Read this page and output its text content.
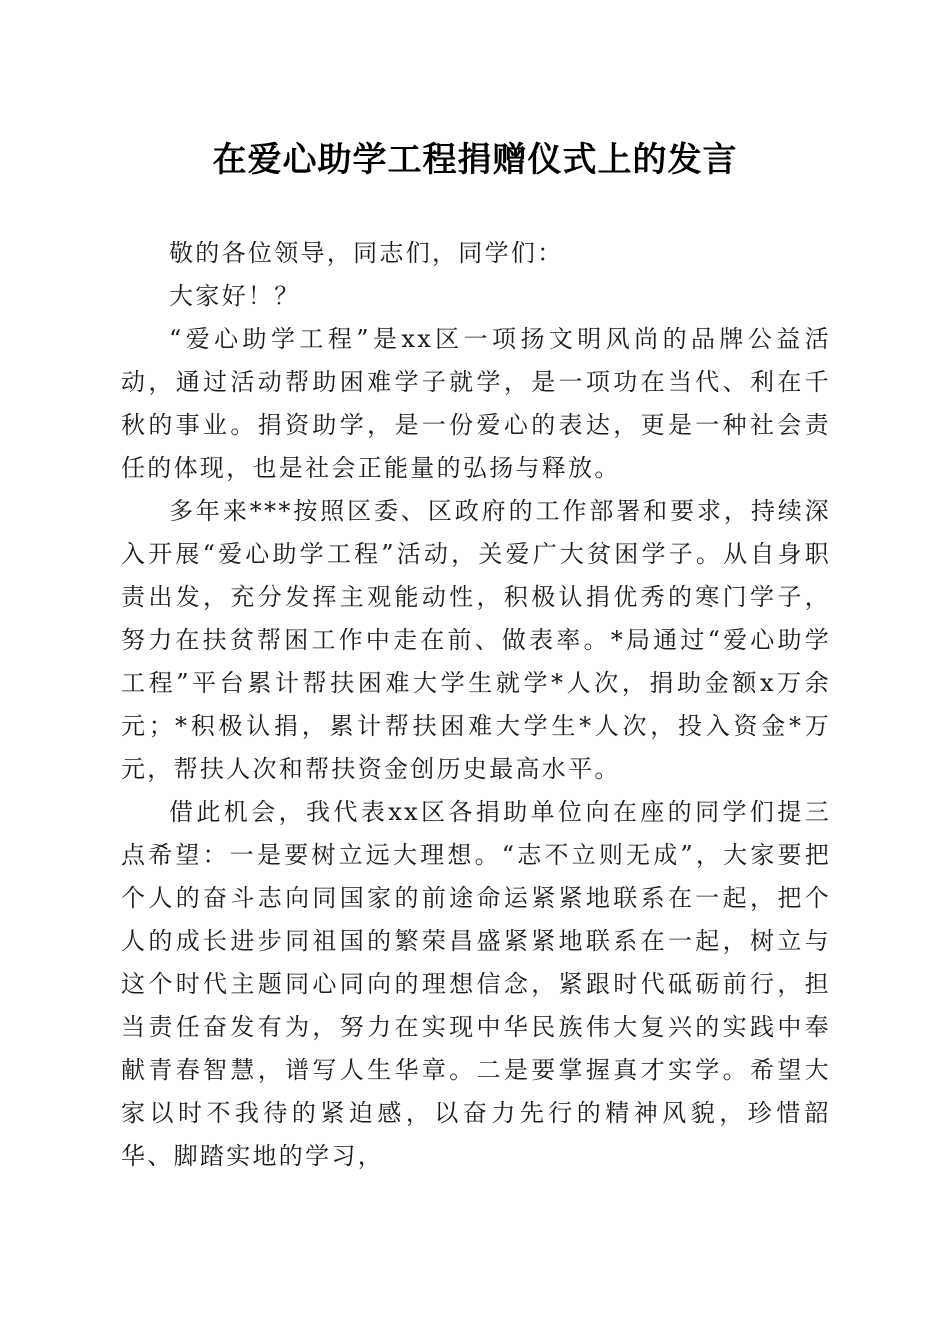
在爱心助学工程捐赠仪式上的发言

敬的各位领导，同志们，同学们：

大家好！？

“爱心助学工程”是xx区一项扬文明风尚的品牌公益活动，通过活动帮助困难学子就学，是一项功在当代、利在千秋的事业。捐资助学，是一份爱心的表达，更是一种社会责任的体现，也是社会正能量的弘扬与释放。

多年来***按照区委、区政府的工作部署和要求，持续深入开展“爱心助学工程”活动，关爱广大贫困学子。从自身职责出发，充分发挥主观能动性，积极认捐优秀的寒门学子，努力在扶贫帮困工作中走在前、做表率。*局通过“爱心助学工程”平台累计帮扶困难大学生就学*人次，捐助金额x万余元；*积极认捐，累计帮扶困难大学生*人次，投入资金*万元，帮扶人次和帮扶资金创历史最高水平。

借此机会，我代表xx区各捐助单位向在座的同学们提三点希望：一是要树立远大理想。“志不立则无成”，大家要把个人的奋斗志向同国家的前途命运紧紧地联系在一起，把个人的成长进步同祖国的繁荣昌盛紧紧地联系在一起，树立与这个时代主题同心同向的理想信念，紧跟时代砥砺前行，担当责任奋发有为，努力在实现中华民族伟大复兴的实践中奉献青春智慧，谱写人生华章。二是要掌握真才实学。希望大家以时不我待的紧迫感，以奋力先行的精神风貌，珍惜韶华、脚踏实地的学习，
